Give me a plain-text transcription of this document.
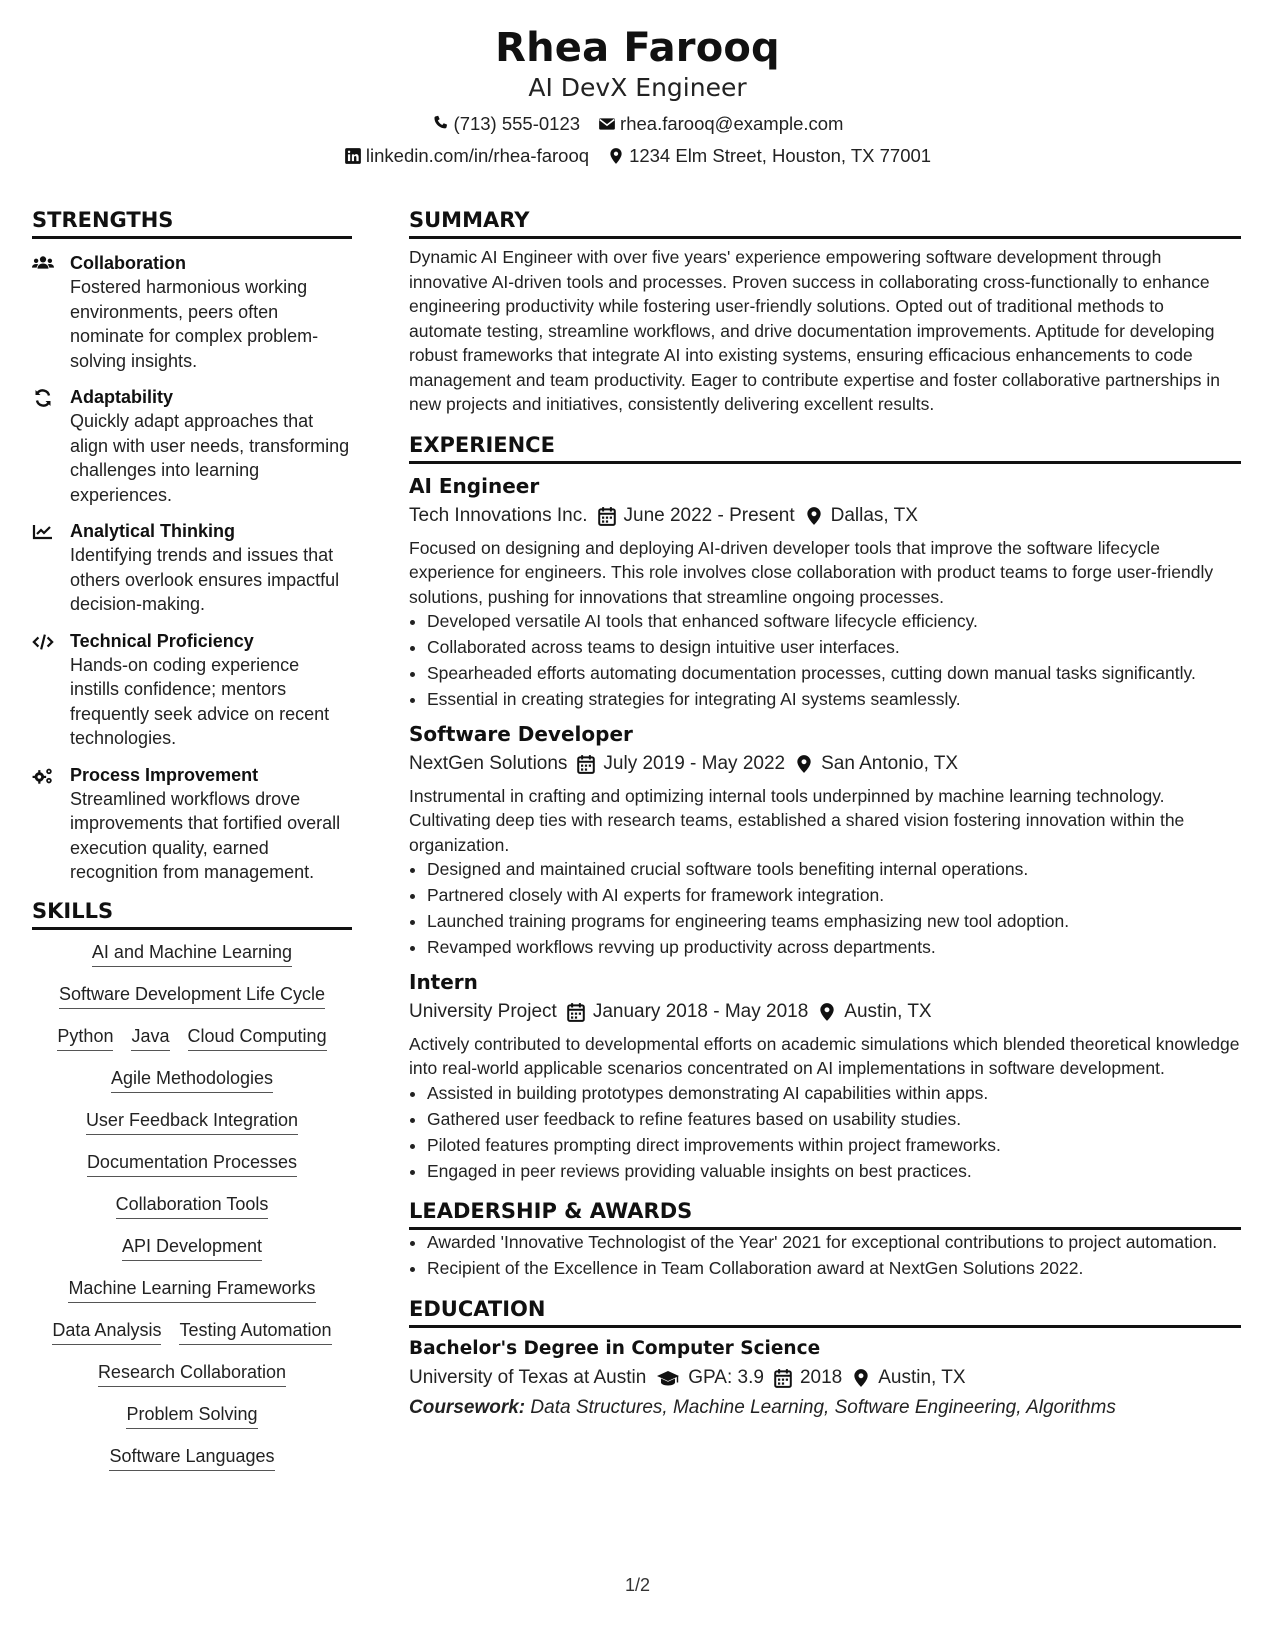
Rhea Farooq
AI DevX Engineer
(713) 555-0123 rhea.farooq@example.com
linkedin.com/in/rhea-farooq 1234 Elm Street, Houston, TX 77001
STRENGTHS
Collaboration
Fostered harmonious working environments, peers often nominate for complex problem-solving insights.
Adaptability
Quickly adapt approaches that align with user needs, transforming challenges into learning experiences.
Analytical Thinking
Identifying trends and issues that others overlook ensures impactful decision-making.
Technical Proficiency
Hands-on coding experience instills confidence; mentors frequently seek advice on recent technologies.
Process Improvement
Streamlined workflows drove improvements that fortified overall execution quality, earned recognition from management.
SKILLS
AI and Machine Learning
Software Development Life Cycle
Python Java Cloud Computing
Agile Methodologies
User Feedback Integration
Documentation Processes
Collaboration Tools
API Development
Machine Learning Frameworks
Data Analysis Testing Automation
Research Collaboration
Problem Solving
Software Languages
SUMMARY
Dynamic AI Engineer with over five years' experience empowering software development through innovative AI-driven tools and processes. Proven success in collaborating cross-functionally to enhance engineering productivity while fostering user-friendly solutions. Opted out of traditional methods to automate testing, streamline workflows, and drive documentation improvements. Aptitude for developing robust frameworks that integrate AI into existing systems, ensuring efficacious enhancements to code management and team productivity. Eager to contribute expertise and foster collaborative partnerships in new projects and initiatives, consistently delivering excellent results.
EXPERIENCE
AI Engineer
Tech Innovations Inc. June 2022 - Present Dallas, TX
Focused on designing and deploying AI-driven developer tools that improve the software lifecycle experience for engineers. This role involves close collaboration with product teams to forge user-friendly solutions, pushing for innovations that streamline ongoing processes.
• Developed versatile AI tools that enhanced software lifecycle efficiency.
• Collaborated across teams to design intuitive user interfaces.
• Spearheaded efforts automating documentation processes, cutting down manual tasks significantly.
• Essential in creating strategies for integrating AI systems seamlessly.
Software Developer
NextGen Solutions July 2019 - May 2022 San Antonio, TX
Instrumental in crafting and optimizing internal tools underpinned by machine learning technology. Cultivating deep ties with research teams, established a shared vision fostering innovation within the organization.
• Designed and maintained crucial software tools benefiting internal operations.
• Partnered closely with AI experts for framework integration.
• Launched training programs for engineering teams emphasizing new tool adoption.
• Revamped workflows revving up productivity across departments.
Intern
University Project January 2018 - May 2018 Austin, TX
Actively contributed to developmental efforts on academic simulations which blended theoretical knowledge into real-world applicable scenarios concentrated on AI implementations in software development.
• Assisted in building prototypes demonstrating AI capabilities within apps.
• Gathered user feedback to refine features based on usability studies.
• Piloted features prompting direct improvements within project frameworks.
• Engaged in peer reviews providing valuable insights on best practices.
LEADERSHIP & AWARDS
• Awarded 'Innovative Technologist of the Year' 2021 for exceptional contributions to project automation.
• Recipient of the Excellence in Team Collaboration award at NextGen Solutions 2022.
EDUCATION
Bachelor's Degree in Computer Science
University of Texas at Austin GPA: 3.9 2018 Austin, TX
Coursework: Data Structures, Machine Learning, Software Engineering, Algorithms
1/2
